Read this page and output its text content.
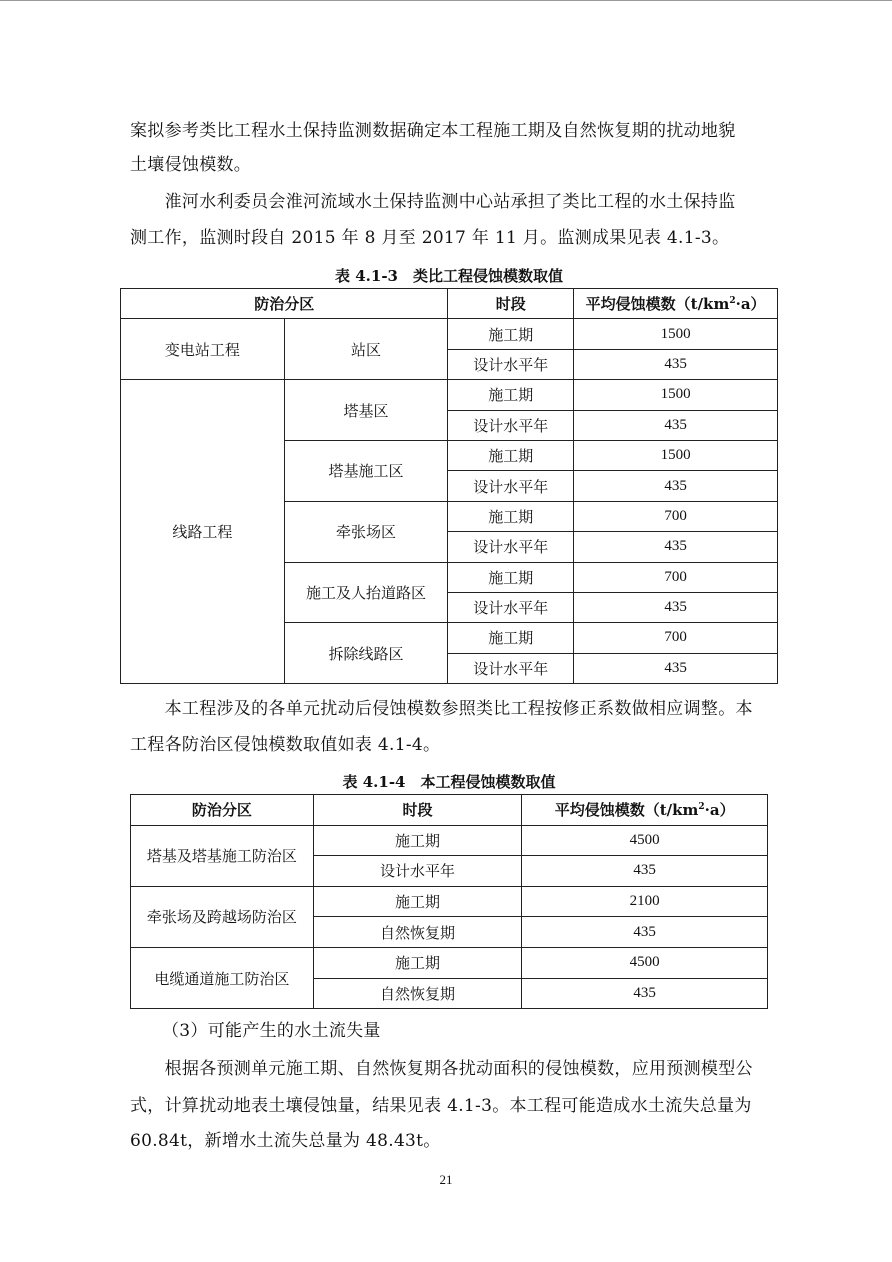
案拟参考类比工程水土保持监测数据确定本工程施工期及自然恢复期的扰动地貌

土壤侵蚀模数。

　　淮河水利委员会淮河流域水土保持监测中心站承担了类比工程的水土保持监

测工作，监测时段自 2015 年 8 月至 2017 年 11 月。监测成果见表 4.1-3。

表 4.1-3　类比工程侵蚀模数取值
防治分区		时段	平均侵蚀模数$(t/km^2\cdot a)$
变电站工程	站区	施工期	1500
		设计水平年	435
线路工程	塔基区	施工期	1500
		设计水平年	435
	塔基施工区	施工期	1500
		设计水平年	435
	牵张场区	施工期	700
		设计水平年	435
	施工及人抬道路区	施工期	700
		设计水平年	435
	拆除线路区	施工期	700
		设计水平年	435

　　本工程涉及的各单元扰动后侵蚀模数参照类比工程按修正系数做相应调整。本

工程各防治区侵蚀模数取值如表 4.1-4。

表 4.1-4　本工程侵蚀模数取值
防治分区	时段	平均侵蚀模数$(t/km^2\cdot a)$
塔基及塔基施工防治区	施工期	4500
	设计水平年	435
牵张场及跨越场防治区	施工期	2100
	自然恢复期	435
电缆通道施工防治区	施工期	4500
	自然恢复期	435

（3）可能产生的水土流失量

　　根据各预测单元施工期、自然恢复期各扰动面积的侵蚀模数，应用预测模型公

式，计算扰动地表土壤侵蚀量，结果见表 4.1-3。本工程可能造成水土流失总量为

60.84t，新增水土流失总量为 48.43t。

21
